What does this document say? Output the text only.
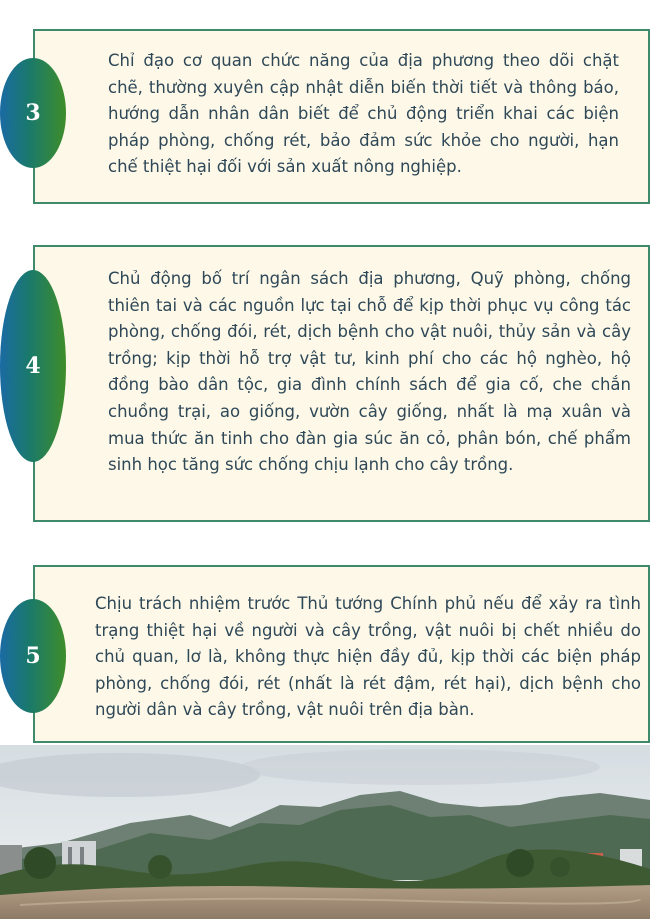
Chỉ đạo cơ quan chức năng của địa phương theo dõi chặt chẽ, thường xuyên cập nhật diễn biến thời tiết và thông báo, hướng dẫn nhân dân biết để chủ động triển khai các biện pháp phòng, chống rét, bảo đảm sức khỏe cho người, hạn chế thiệt hại đối với sản xuất nông nghiệp.
3
Chủ động bố trí ngân sách địa phương, Quỹ phòng, chống thiên tai và các nguồn lực tại chỗ để kịp thời phục vụ công tác phòng, chống đói, rét, dịch bệnh cho vật nuôi, thủy sản và cây trồng; kịp thời hỗ trợ vật tư, kinh phí cho các hộ nghèo, hộ đồng bào dân tộc, gia đình chính sách để gia cố, che chắn chuồng trại, ao giống, vườn cây giống, nhất là mạ xuân và mua thức ăn tinh cho đàn gia súc ăn cỏ, phân bón, chế phẩm sinh học tăng sức chống chịu lạnh cho cây trồng.
4
Chịu trách nhiệm trước Thủ tướng Chính phủ nếu để xảy ra tình trạng thiệt hại về người và cây trồng, vật nuôi bị chết nhiều do chủ quan, lơ là, không thực hiện đầy đủ, kịp thời các biện pháp phòng, chống đói, rét (nhất là rét đậm, rét hại), dịch bệnh cho người dân và cây trồng, vật nuôi trên địa bàn.
5
